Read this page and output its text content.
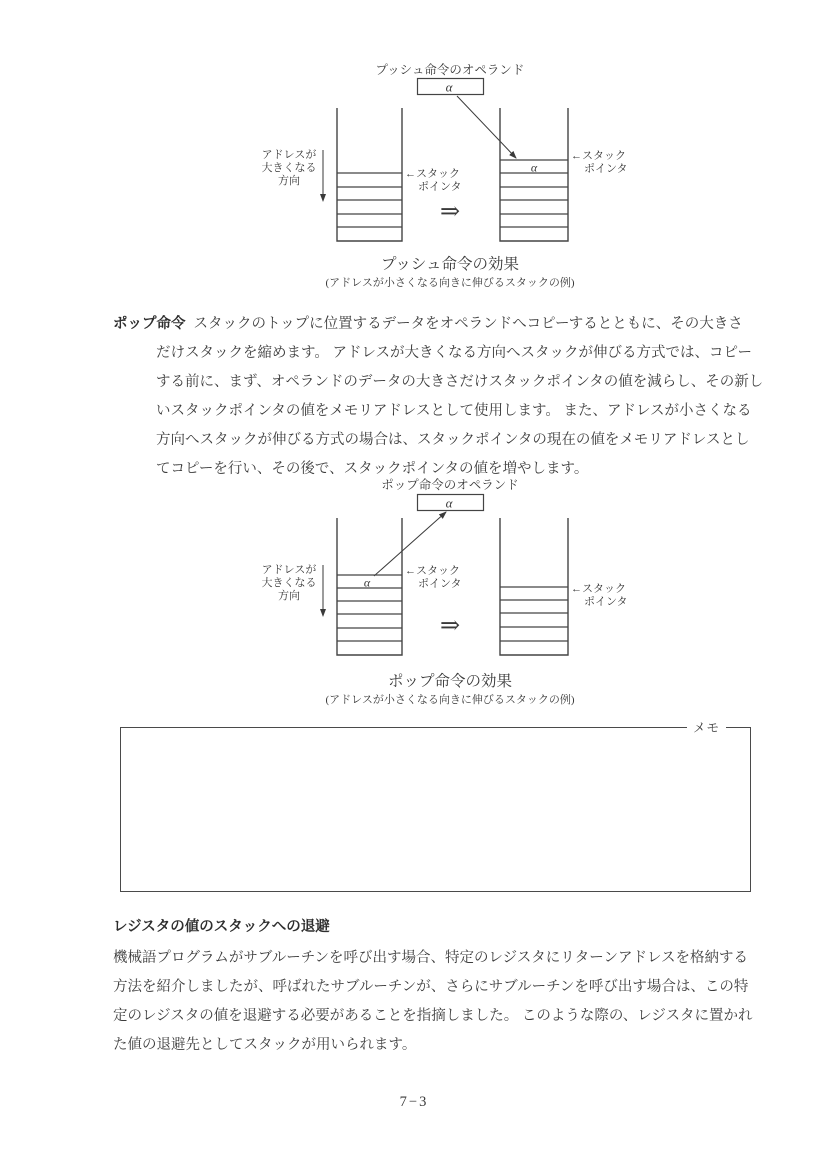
プッシュ命令のオペランド
α
α
アドレスが
大きくなる
方向
←スタック
ポインタ
←スタック
ポインタ
⇒
プッシュ命令の効果
(アドレスが小さくなる向きに伸びるスタックの例)
ポップ命令 スタックのトップに位置するデータをオペランドへコピーするとともに、その大きさ
だけスタックを縮めます。 アドレスが大きくなる方向へスタックが伸びる方式では、コピー
する前に、まず、オペランドのデータの大きさだけスタックポインタの値を減らし、その新し
いスタックポインタの値をメモリアドレスとして使用します。 また、アドレスが小さくなる
方向へスタックが伸びる方式の場合は、スタックポインタの現在の値をメモリアドレスとし
てコピーを行い、その後で、スタックポインタの値を増やします。
ポップ命令のオペランド
α
α
アドレスが
大きくなる
方向
←スタック
ポインタ	←スタック
ポインタ
⇒
ポップ命令の効果
(アドレスが小さくなる向きに伸びるスタックの例)
メモ
レジスタの値のスタックへの退避
機械語プログラムがサブルーチンを呼び出す場合、特定のレジスタにリターンアドレスを格納する
方法を紹介しましたが、呼ばれたサブルーチンが、さらにサブルーチンを呼び出す場合は、この特
定のレジスタの値を退避する必要があることを指摘しました。 このような際の、レジスタに置かれ
た値の退避先としてスタックが用いられます。
7−3
